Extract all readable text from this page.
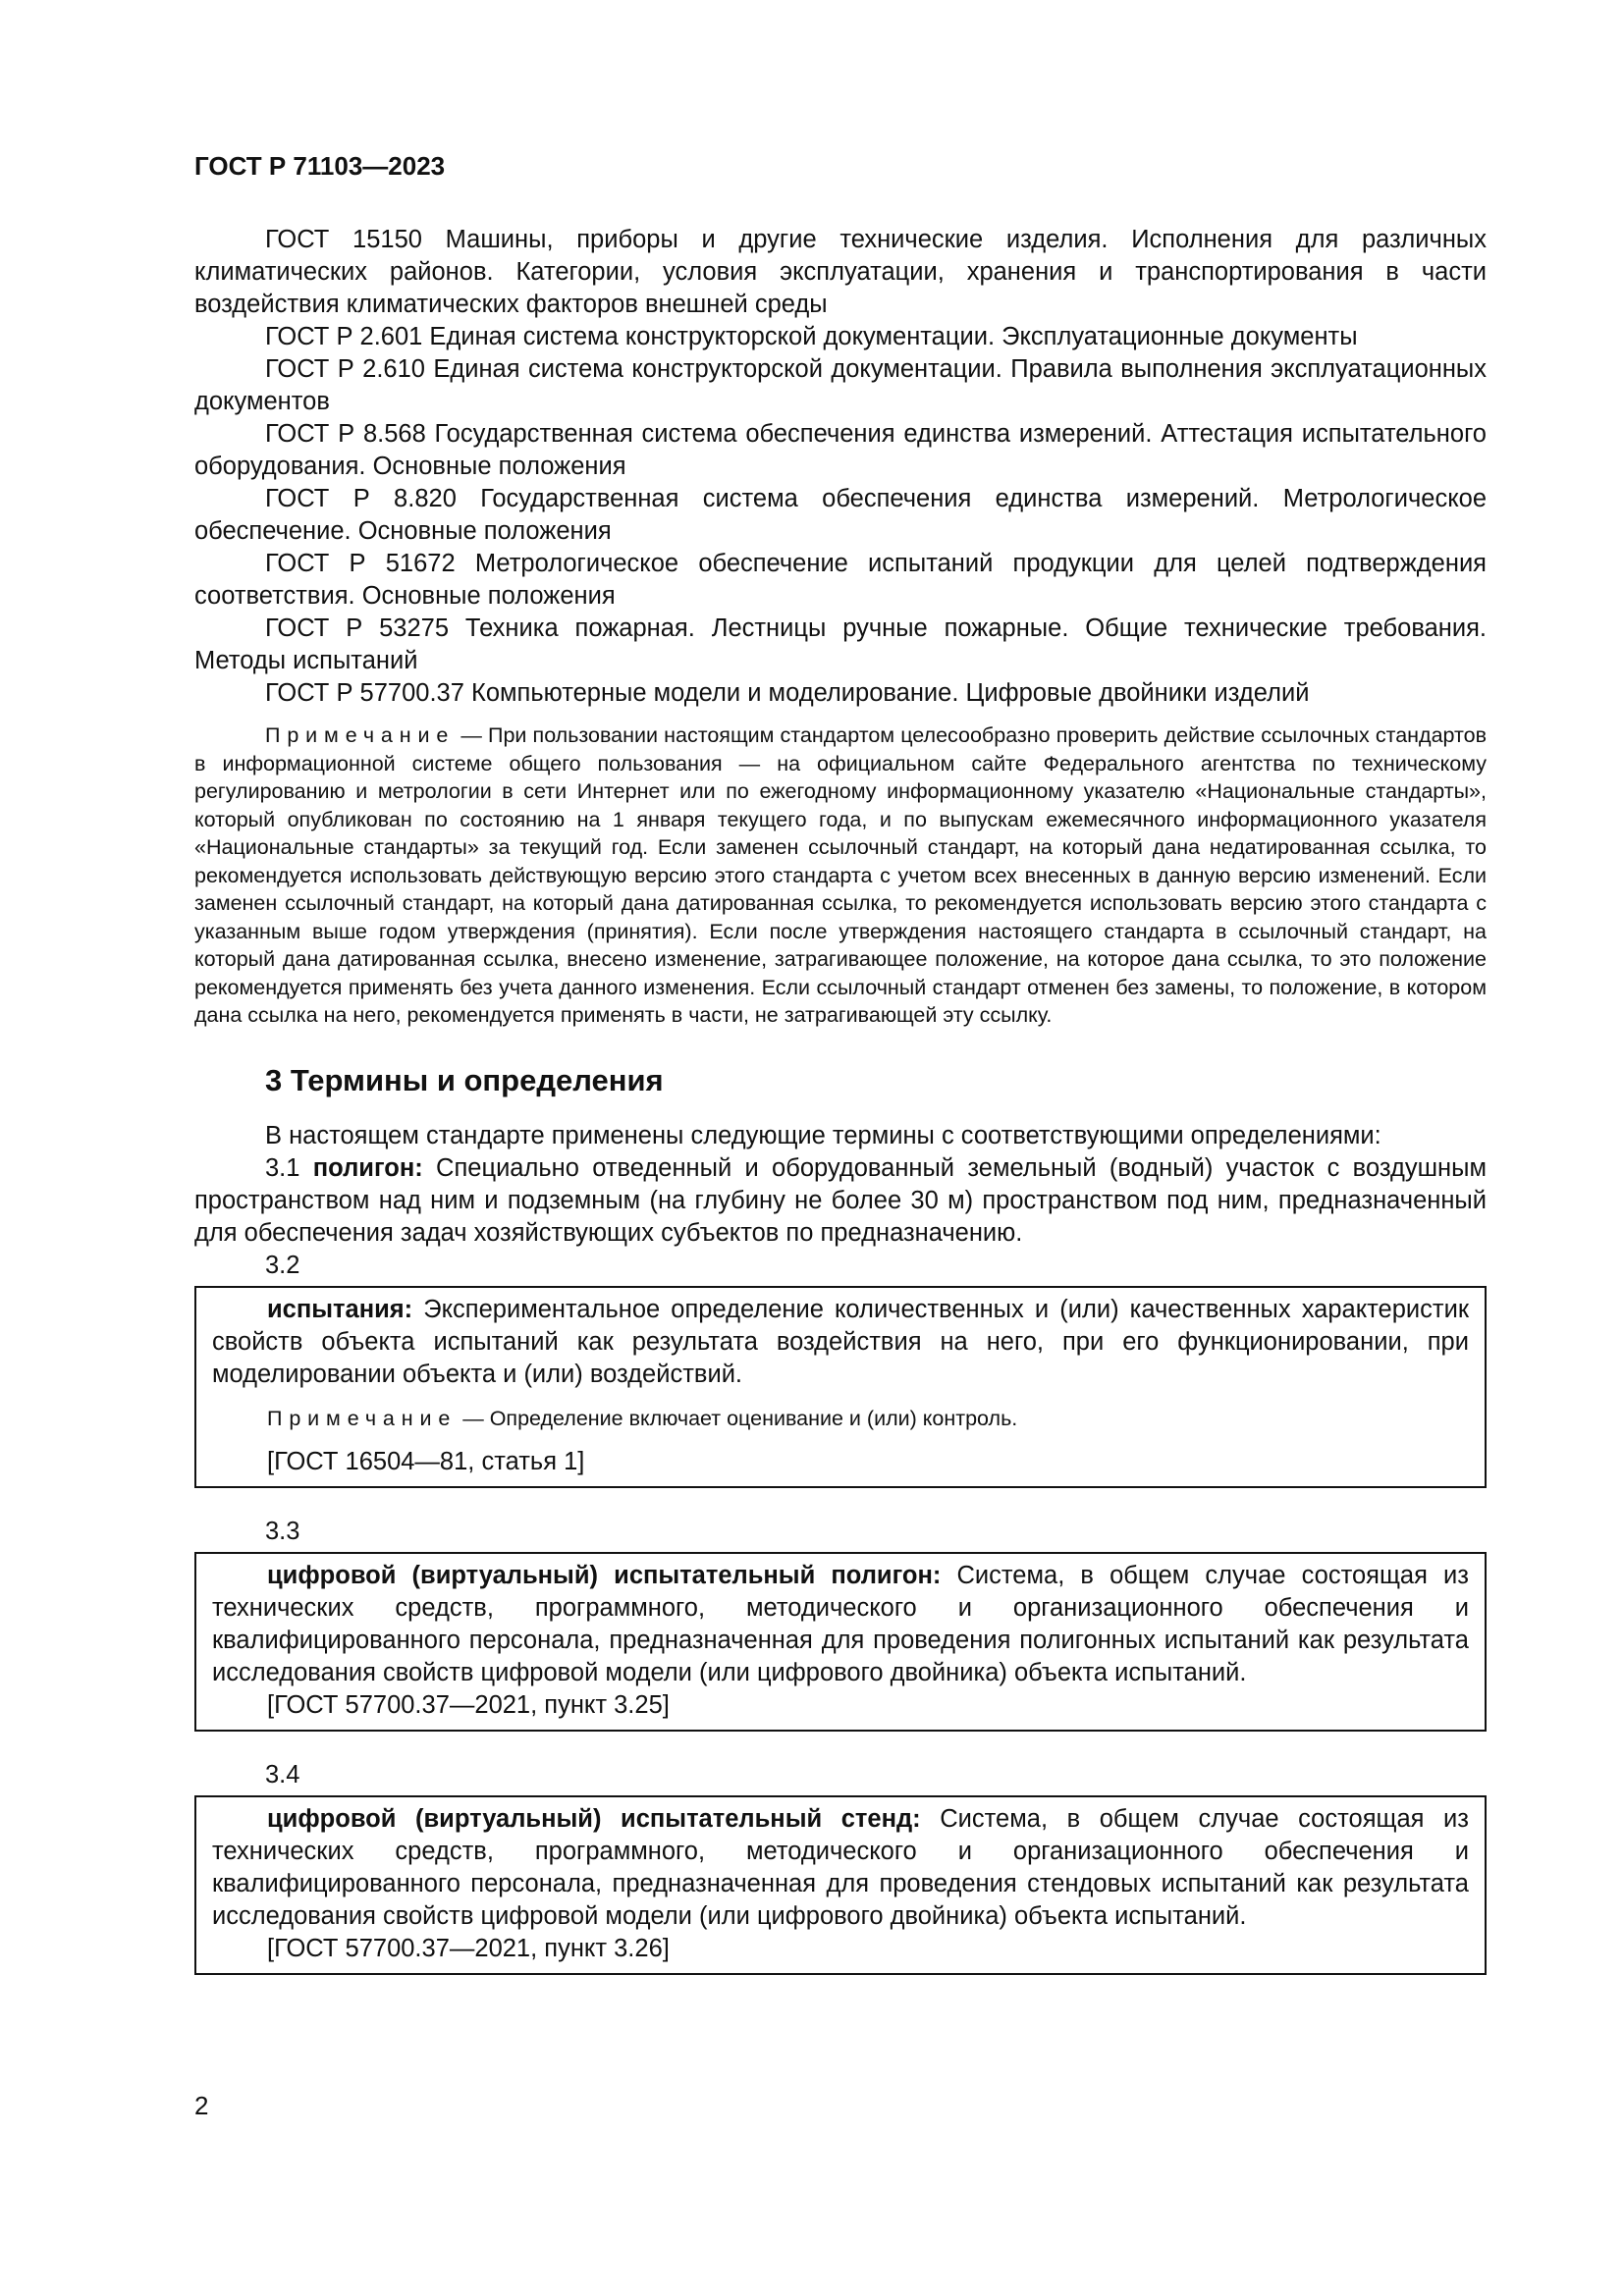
ГОСТ Р 71103—2023

ГОСТ 15150 Машины, приборы и другие технические изделия. Исполнения для различных климатических районов. Категории, условия эксплуатации, хранения и транспортирования в части воздействия климатических факторов внешней среды

ГОСТ Р 2.601 Единая система конструкторской документации. Эксплуатационные документы

ГОСТ Р 2.610 Единая система конструкторской документации. Правила выполнения эксплуатационных документов

ГОСТ Р 8.568 Государственная система обеспечения единства измерений. Аттестация испытательного оборудования. Основные положения

ГОСТ Р 8.820 Государственная система обеспечения единства измерений. Метрологическое обеспечение. Основные положения

ГОСТ Р 51672 Метрологическое обеспечение испытаний продукции для целей подтверждения соответствия. Основные положения

ГОСТ Р 53275 Техника пожарная. Лестницы ручные пожарные. Общие технические требования. Методы испытаний

ГОСТ Р 57700.37 Компьютерные модели и моделирование. Цифровые двойники изделий

Примечание — При пользовании настоящим стандартом целесообразно проверить действие ссылочных стандартов в информационной системе общего пользования — на официальном сайте Федерального агентства по техническому регулированию и метрологии в сети Интернет или по ежегодному информационному указателю «Национальные стандарты», который опубликован по состоянию на 1 января текущего года, и по выпускам ежемесячного информационного указателя «Национальные стандарты» за текущий год. Если заменен ссылочный стандарт, на который дана недатированная ссылка, то рекомендуется использовать действующую версию этого стандарта с учетом всех внесенных в данную версию изменений. Если заменен ссылочный стандарт, на который дана датированная ссылка, то рекомендуется использовать версию этого стандарта с указанным выше годом утверждения (принятия). Если после утверждения настоящего стандарта в ссылочный стандарт, на который дана датированная ссылка, внесено изменение, затрагивающее положение, на которое дана ссылка, то это положение рекомендуется применять без учета данного изменения. Если ссылочный стандарт отменен без замены, то положение, в котором дана ссылка на него, рекомендуется применять в части, не затрагивающей эту ссылку.

3 Термины и определения

В настоящем стандарте применены следующие термины с соответствующими определениями:

3.1 полигон: Специально отведенный и оборудованный земельный (водный) участок с воздушным пространством над ним и подземным (на глубину не более 30 м) пространством под ним, предназначенный для обеспечения задач хозяйствующих субъектов по предназначению.

3.2

испытания: Экспериментальное определение количественных и (или) качественных характеристик свойств объекта испытаний как результата воздействия на него, при его функционировании, при моделировании объекта и (или) воздействий.

Примечание — Определение включает оценивание и (или) контроль.

[ГОСТ 16504—81, статья 1]

3.3

цифровой (виртуальный) испытательный полигон: Система, в общем случае состоящая из технических средств, программного, методического и организационного обеспечения и квалифицированного персонала, предназначенная для проведения полигонных испытаний как результата исследования свойств цифровой модели (или цифрового двойника) объекта испытаний.

[ГОСТ 57700.37—2021, пункт 3.25]

3.4

цифровой (виртуальный) испытательный стенд: Система, в общем случае состоящая из технических средств, программного, методического и организационного обеспечения и квалифицированного персонала, предназначенная для проведения стендовых испытаний как результата исследования свойств цифровой модели (или цифрового двойника) объекта испытаний.

[ГОСТ 57700.37—2021, пункт 3.26]

2
